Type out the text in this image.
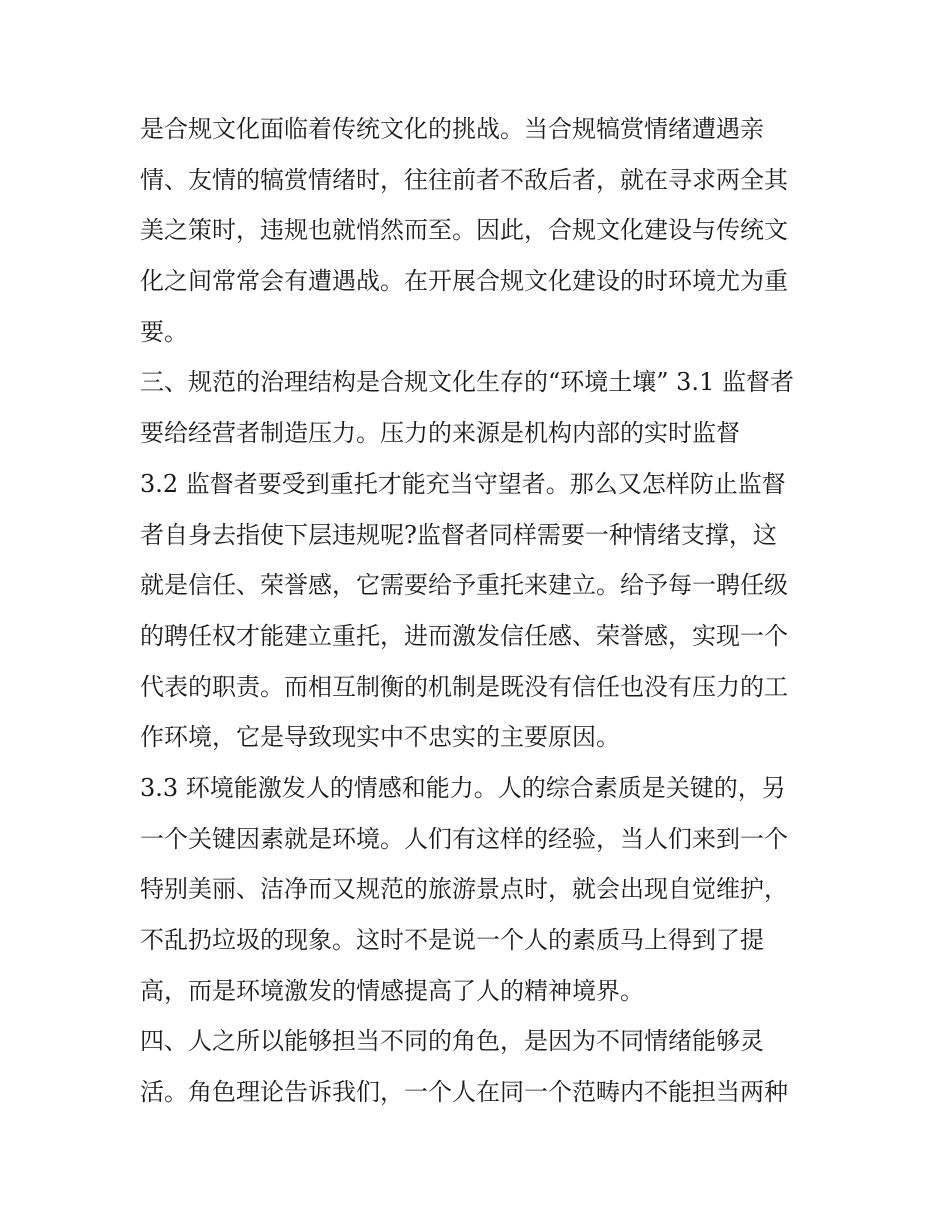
是合规文化面临着传统文化的挑战。当合规犒赏情绪遭遇亲
情、友情的犒赏情绪时，往往前者不敌后者，就在寻求两全其
美之策时，违规也就悄然而至。因此，合规文化建设与传统文
化之间常常会有遭遇战。在开展合规文化建设的时环境尤为重
要。
三、规范的治理结构是合规文化生存的“环境土壤” 3.1 监督者
要给经营者制造压力。压力的来源是机构内部的实时监督
3.2 监督者要受到重托才能充当守望者。那么又怎样防止监督
者自身去指使下层违规呢?监督者同样需要一种情绪支撑，这
就是信任、荣誉感，它需要给予重托来建立。给予每一聘任级
的聘任权才能建立重托，进而激发信任感、荣誉感，实现一个
代表的职责。而相互制衡的机制是既没有信任也没有压力的工
作环境，它是导致现实中不忠实的主要原因。
3.3 环境能激发人的情感和能力。人的综合素质是关键的，另
一个关键因素就是环境。人们有这样的经验，当人们来到一个
特别美丽、洁净而又规范的旅游景点时，就会出现自觉维护，
不乱扔垃圾的现象。这时不是说一个人的素质马上得到了提
高，而是环境激发的情感提高了人的精神境界。
四、人之所以能够担当不同的角色，是因为不同情绪能够灵
活。角色理论告诉我们，一个人在同一个范畴内不能担当两种
